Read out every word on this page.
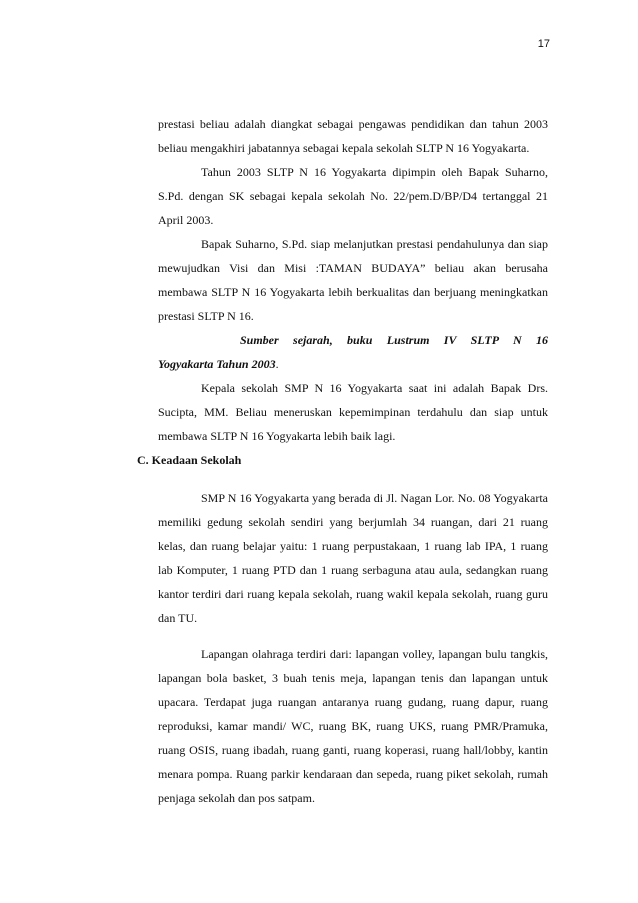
17

prestasi beliau adalah diangkat sebagai pengawas pendidikan dan tahun 2003 beliau mengakhiri jabatannya sebagai kepala sekolah SLTP N 16 Yogyakarta.

Tahun 2003 SLTP N 16 Yogyakarta dipimpin oleh Bapak Suharno, S.Pd. dengan SK sebagai kepala sekolah No. 22/pem.D/BP/D4 tertanggal 21 April 2003.

Bapak Suharno, S.Pd. siap melanjutkan prestasi pendahulunya dan siap mewujudkan Visi dan Misi :TAMAN BUDAYA” beliau akan berusaha membawa SLTP N 16 Yogyakarta lebih berkualitas dan berjuang meningkatkan prestasi SLTP N 16.

Sumber sejarah, buku Lustrum IV SLTP N 16

Yogyakarta Tahun 2003.

Kepala sekolah SMP N 16 Yogyakarta saat ini adalah Bapak Drs. Sucipta, MM. Beliau meneruskan kepemimpinan terdahulu dan siap untuk membawa SLTP N 16 Yogyakarta lebih baik lagi.

C. Keadaan Sekolah

SMP N 16 Yogyakarta yang berada di Jl. Nagan Lor. No. 08 Yogyakarta memiliki gedung sekolah sendiri yang berjumlah 34 ruangan, dari 21 ruang kelas, dan ruang belajar yaitu: 1 ruang perpustakaan, 1 ruang lab IPA, 1 ruang lab Komputer, 1 ruang PTD dan 1 ruang serbaguna atau aula, sedangkan ruang kantor terdiri dari ruang kepala sekolah, ruang wakil kepala sekolah, ruang guru dan TU.

Lapangan olahraga terdiri dari: lapangan volley, lapangan bulu tangkis, lapangan bola basket, 3 buah tenis meja, lapangan tenis dan lapangan untuk upacara. Terdapat juga ruangan antaranya ruang gudang, ruang dapur, ruang reproduksi, kamar mandi/ WC, ruang BK, ruang UKS, ruang PMR/Pramuka, ruang OSIS, ruang ibadah, ruang ganti, ruang koperasi, ruang hall/lobby, kantin menara pompa. Ruang parkir kendaraan dan sepeda, ruang piket sekolah, rumah penjaga sekolah dan pos satpam.
